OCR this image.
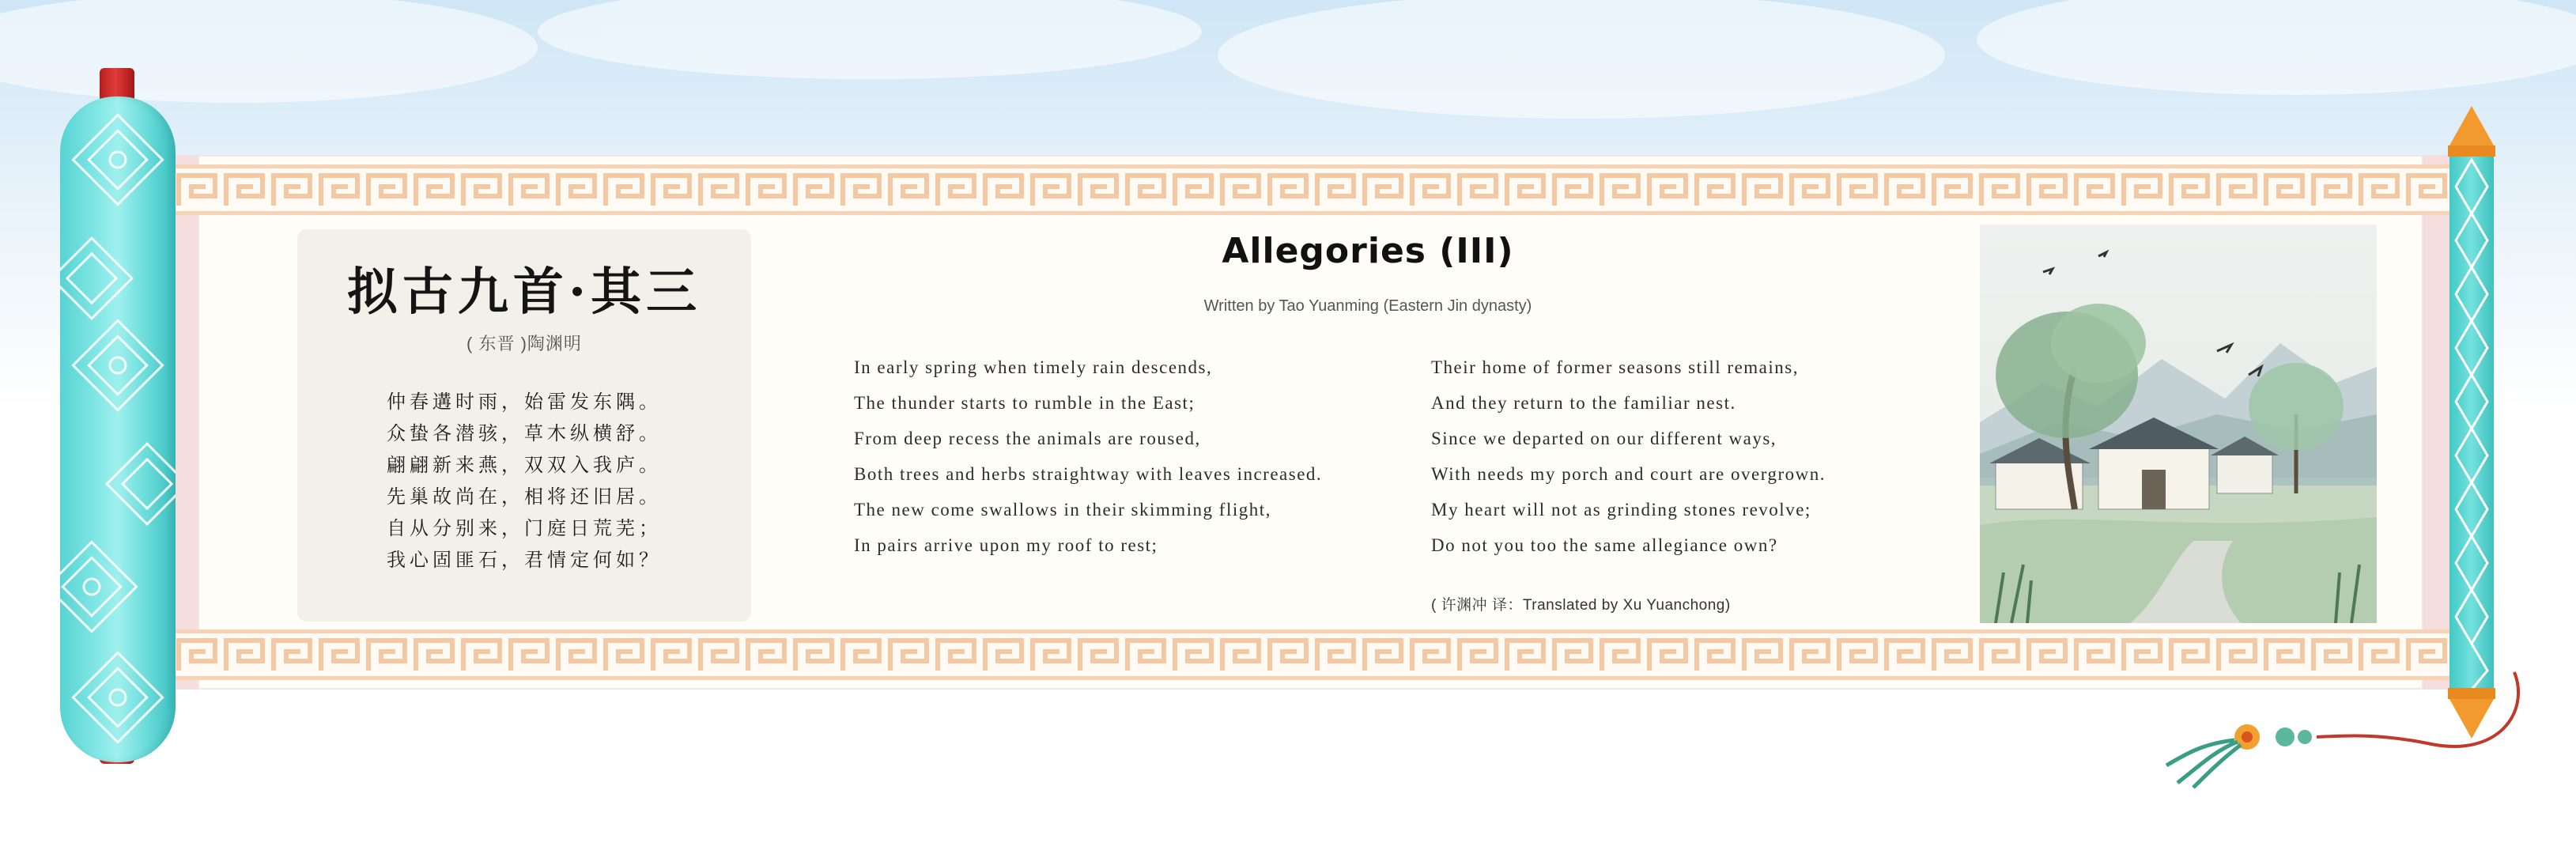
拟古九首·其三
( 东晋 )陶渊明
仲春遘时雨，始雷发东隅。
众蛰各潜骇，草木纵横舒。
翩翩新来燕，双双入我庐。
先巢故尚在，相将还旧居。
自从分别来，门庭日荒芜；
我心固匪石，君情定何如？
Allegories (III)
Written by Tao Yuanming (Eastern Jin dynasty)
In early spring when timely rain descends,
The thunder starts to rumble in the East;
From deep recess the animals are roused,
Both trees and herbs straightway with leaves increased.
The new come swallows in their skimming flight,
In pairs arrive upon my roof to rest;
Their home of former seasons still remains,
And they return to the familiar nest.
Since we departed on our different ways,
With needs my porch and court are overgrown.
My heart will not as grinding stones revolve;
Do not you too the same allegiance own?
( 许渊冲 译：Translated by Xu Yuanchong)
